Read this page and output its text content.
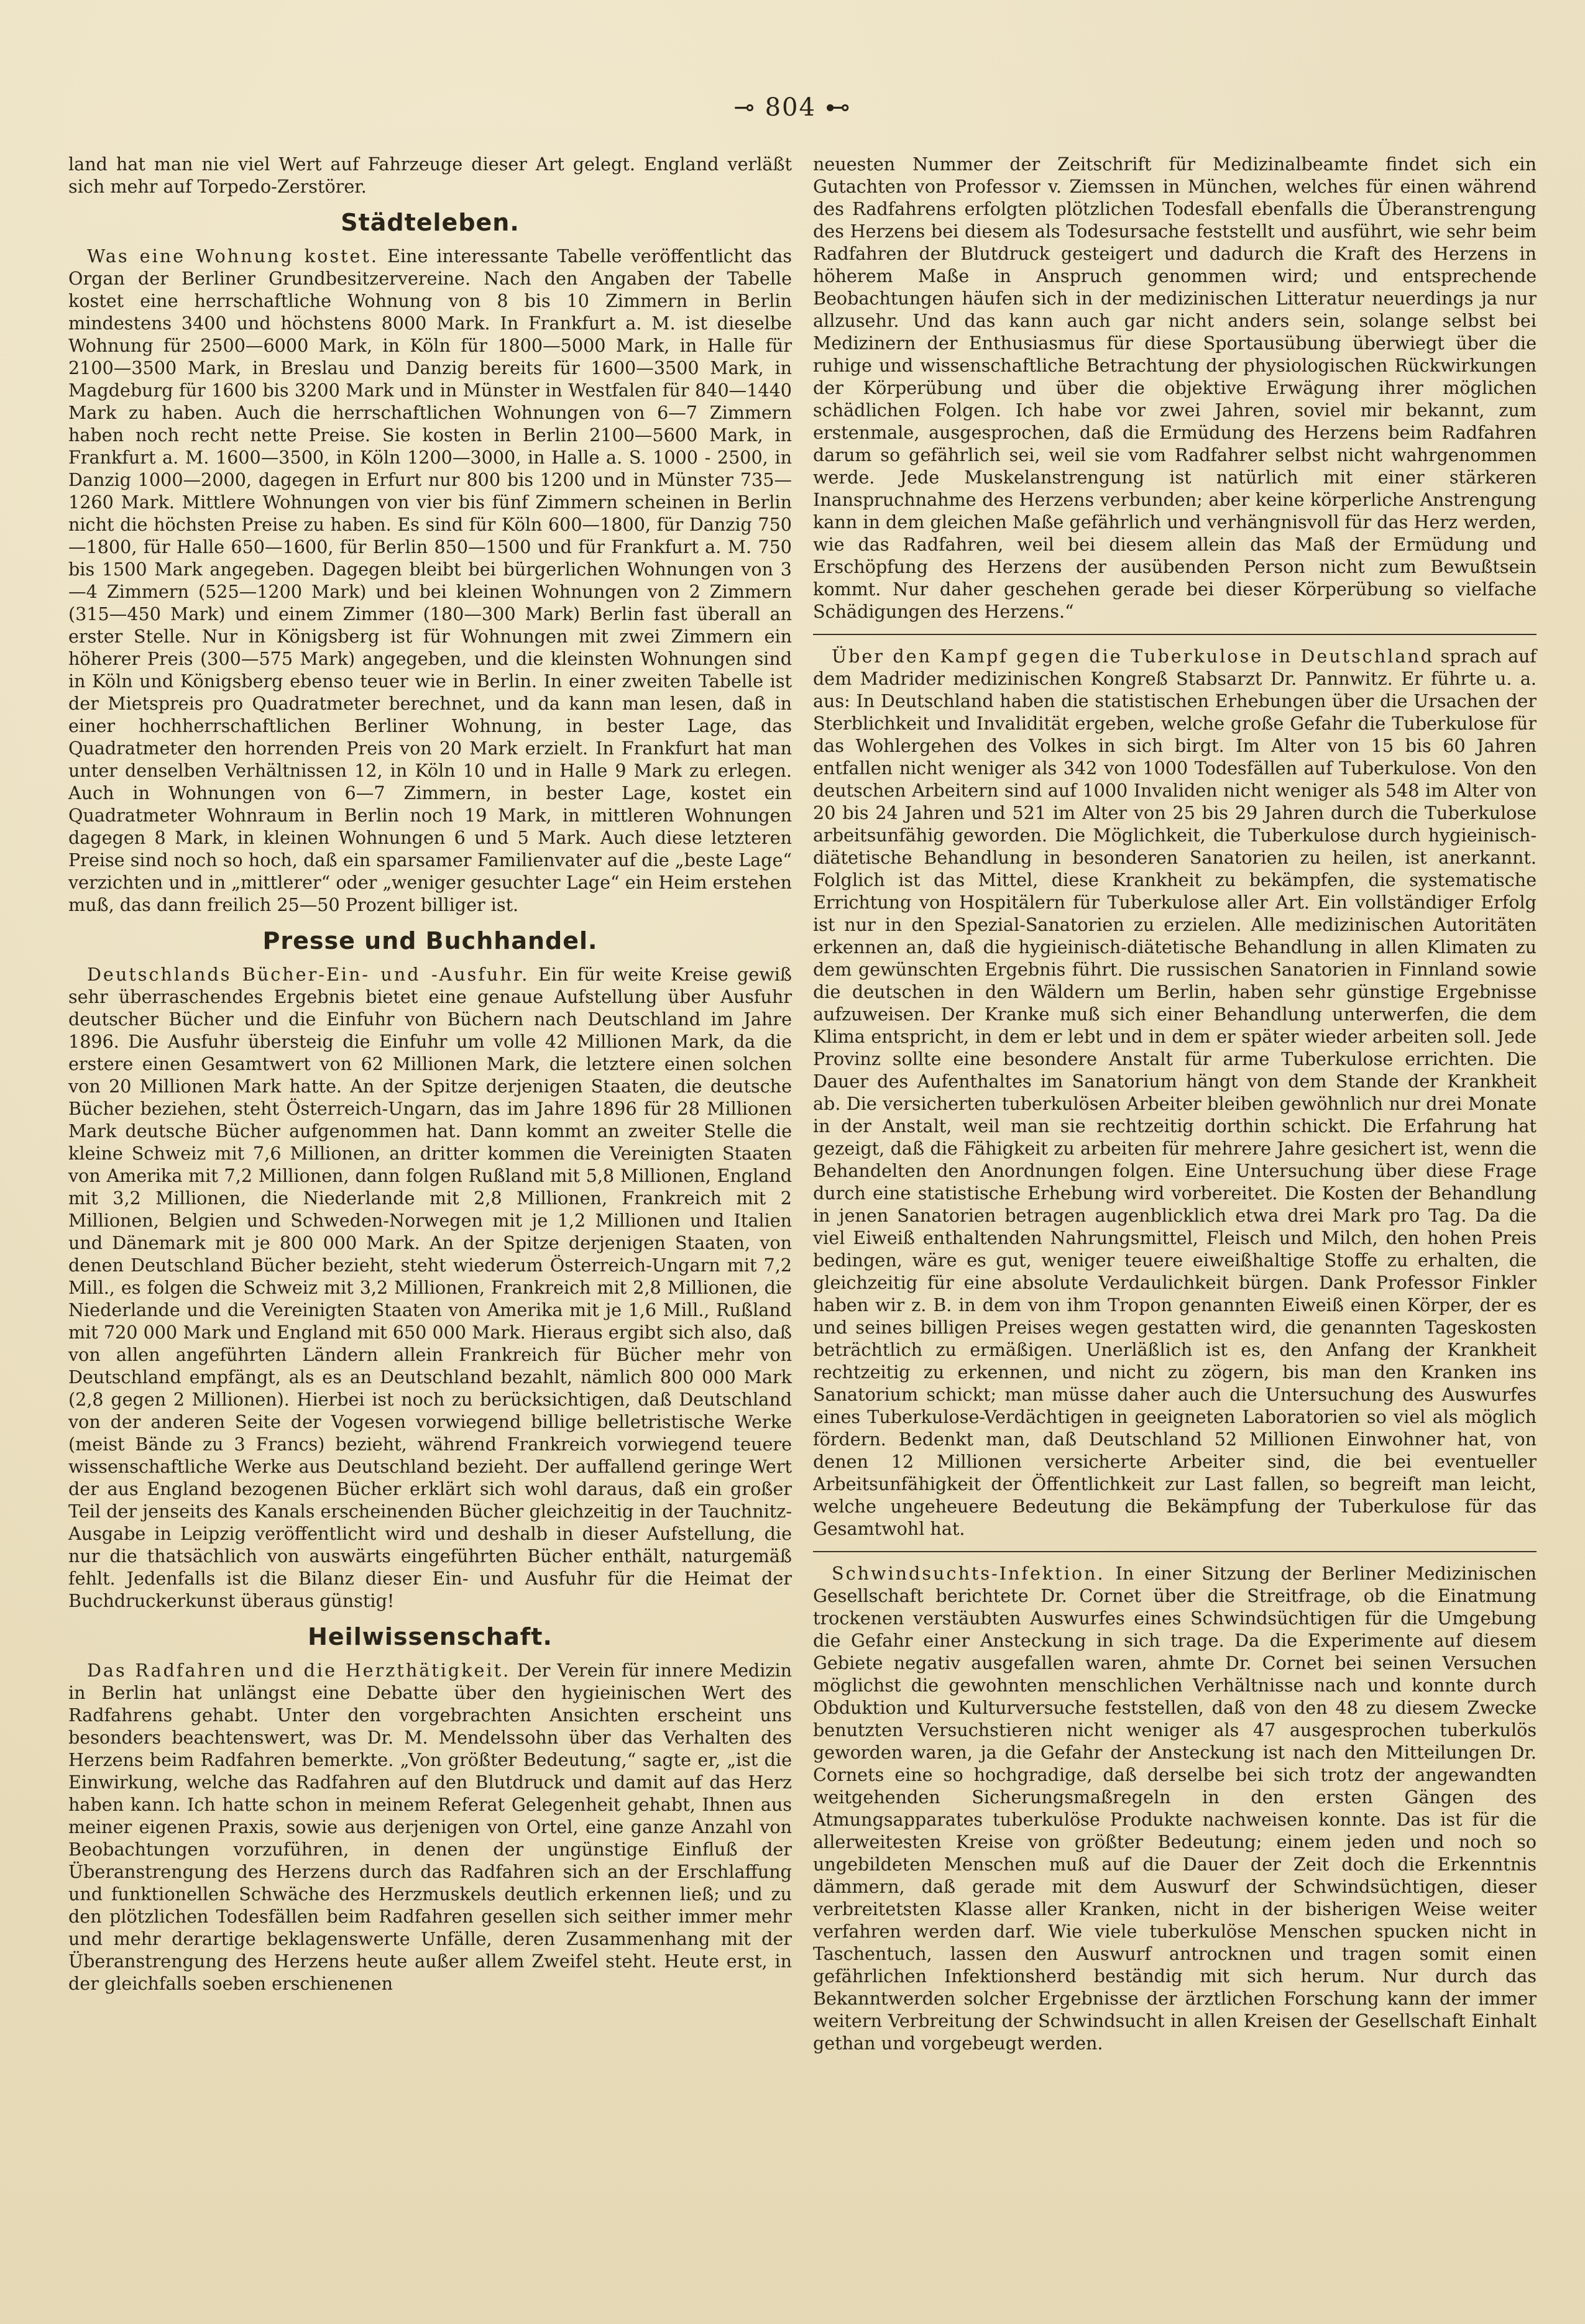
⊸ 804 ⊷

land hat man nie viel Wert auf Fahrzeuge dieser Art gelegt. England verläßt sich mehr auf Torpedo-Zerstörer.

Städteleben.

Was eine Wohnung kostet. Eine interessante Tabelle veröffentlicht das Organ der Berliner Grundbesitzervereine. Nach den Angaben der Tabelle kostet eine herrschaftliche Wohnung von 8 bis 10 Zimmern in Berlin mindestens 3400 und höchstens 8000 Mark. In Frankfurt a. M. ist dieselbe Wohnung für 2500—6000 Mark, in Köln für 1800—5000 Mark, in Halle für 2100—3500 Mark, in Breslau und Danzig bereits für 1600—3500 Mark, in Magdeburg für 1600 bis 3200 Mark und in Münster in Westfalen für 840—1440 Mark zu haben. Auch die herrschaftlichen Wohnungen von 6—7 Zimmern haben noch recht nette Preise. Sie kosten in Berlin 2100—5600 Mark, in Frankfurt a. M. 1600—3500, in Köln 1200—3000, in Halle a. S. 1000 - 2500, in Danzig 1000—2000, dagegen in Erfurt nur 800 bis 1200 und in Münster 735—1260 Mark. Mittlere Wohnungen von vier bis fünf Zimmern scheinen in Berlin nicht die höchsten Preise zu haben. Es sind für Köln 600—1800, für Danzig 750—1800, für Halle 650—1600, für Berlin 850—1500 und für Frankfurt a. M. 750 bis 1500 Mark angegeben. Dagegen bleibt bei bürgerlichen Wohnungen von 3—4 Zimmern (525—1200 Mark) und bei kleinen Wohnungen von 2 Zimmern (315—450 Mark) und einem Zimmer (180—300 Mark) Berlin fast überall an erster Stelle. Nur in Königsberg ist für Wohnungen mit zwei Zimmern ein höherer Preis (300—575 Mark) angegeben, und die kleinsten Wohnungen sind in Köln und Königsberg ebenso teuer wie in Berlin. In einer zweiten Tabelle ist der Mietspreis pro Quadratmeter berechnet, und da kann man lesen, daß in einer hochherrschaftlichen Berliner Wohnung, in bester Lage, das Quadratmeter den horrenden Preis von 20 Mark erzielt. In Frankfurt hat man unter denselben Verhältnissen 12, in Köln 10 und in Halle 9 Mark zu erlegen. Auch in Wohnungen von 6—7 Zimmern, in bester Lage, kostet ein Quadratmeter Wohnraum in Berlin noch 19 Mark, in mittleren Wohnungen dagegen 8 Mark, in kleinen Wohnungen 6 und 5 Mark. Auch diese letzteren Preise sind noch so hoch, daß ein sparsamer Familienvater auf die „beste Lage“ verzichten und in „mittlerer“ oder „weniger gesuchter Lage“ ein Heim erstehen muß, das dann freilich 25—50 Prozent billiger ist.

Presse und Buchhandel.

Deutschlands Bücher-Ein- und -Ausfuhr. Ein für weite Kreise gewiß sehr überraschendes Ergebnis bietet eine genaue Aufstellung über Ausfuhr deutscher Bücher und die Einfuhr von Büchern nach Deutschland im Jahre 1896. Die Ausfuhr übersteig die Einfuhr um volle 42 Millionen Mark, da die erstere einen Gesamtwert von 62 Millionen Mark, die letztere einen solchen von 20 Millionen Mark hatte. An der Spitze derjenigen Staaten, die deutsche Bücher beziehen, steht Österreich-Ungarn, das im Jahre 1896 für 28 Millionen Mark deutsche Bücher aufgenommen hat. Dann kommt an zweiter Stelle die kleine Schweiz mit 7,6 Millionen, an dritter kommen die Vereinigten Staaten von Amerika mit 7,2 Millionen, dann folgen Rußland mit 5,8 Millionen, England mit 3,2 Millionen, die Niederlande mit 2,8 Millionen, Frankreich mit 2 Millionen, Belgien und Schweden-Norwegen mit je 1,2 Millionen und Italien und Dänemark mit je 800 000 Mark. An der Spitze derjenigen Staaten, von denen Deutschland Bücher bezieht, steht wiederum Österreich-Ungarn mit 7,2 Mill., es folgen die Schweiz mit 3,2 Millionen, Frankreich mit 2,8 Millionen, die Niederlande und die Vereinigten Staaten von Amerika mit je 1,6 Mill., Rußland mit 720 000 Mark und England mit 650 000 Mark. Hieraus ergibt sich also, daß von allen angeführten Ländern allein Frankreich für Bücher mehr von Deutschland empfängt, als es an Deutschland bezahlt, nämlich 800 000 Mark (2,8 gegen 2 Millionen). Hierbei ist noch zu berücksichtigen, daß Deutschland von der anderen Seite der Vogesen vorwiegend billige belletristische Werke (meist Bände zu 3 Francs) bezieht, während Frankreich vorwiegend teuere wissenschaftliche Werke aus Deutschland bezieht. Der auffallend geringe Wert der aus England bezogenen Bücher erklärt sich wohl daraus, daß ein großer Teil der jenseits des Kanals erscheinenden Bücher gleichzeitig in der Tauchnitz-Ausgabe in Leipzig veröffentlicht wird und deshalb in dieser Aufstellung, die nur die thatsächlich von auswärts eingeführten Bücher enthält, naturgemäß fehlt. Jedenfalls ist die Bilanz dieser Ein- und Ausfuhr für die Heimat der Buchdruckerkunst überaus günstig!

Heilwissenschaft.

Das Radfahren und die Herzthätigkeit. Der Verein für innere Medizin in Berlin hat unlängst eine Debatte über den hygieinischen Wert des Radfahrens gehabt. Unter den vorgebrachten Ansichten erscheint uns besonders beachtenswert, was Dr. M. Mendelssohn über das Verhalten des Herzens beim Radfahren bemerkte. „Von größter Bedeutung,“ sagte er, „ist die Einwirkung, welche das Radfahren auf den Blutdruck und damit auf das Herz haben kann. Ich hatte schon in meinem Referat Gelegenheit gehabt, Ihnen aus meiner eigenen Praxis, sowie aus derjenigen von Ortel, eine ganze Anzahl von Beobachtungen vorzuführen, in denen der ungünstige Einfluß der Überanstrengung des Herzens durch das Radfahren sich an der Erschlaffung und funktionellen Schwäche des Herzmuskels deutlich erkennen ließ; und zu den plötzlichen Todesfällen beim Radfahren gesellen sich seither immer mehr und mehr derartige beklagenswerte Unfälle, deren Zusammenhang mit der Überanstrengung des Herzens heute außer allem Zweifel steht. Heute erst, in der gleichfalls soeben erschienenen

neuesten Nummer der Zeitschrift für Medizinalbeamte findet sich ein Gutachten von Professor v. Ziemssen in München, welches für einen während des Radfahrens erfolgten plötzlichen Todesfall ebenfalls die Überanstrengung des Herzens bei diesem als Todesursache feststellt und ausführt, wie sehr beim Radfahren der Blutdruck gesteigert und dadurch die Kraft des Herzens in höherem Maße in Anspruch genommen wird; und entsprechende Beobachtungen häufen sich in der medizinischen Litteratur neuerdings ja nur allzusehr. Und das kann auch gar nicht anders sein, solange selbst bei Medizinern der Enthusiasmus für diese Sportausübung überwiegt über die ruhige und wissenschaftliche Betrachtung der physiologischen Rückwirkungen der Körperübung und über die objektive Erwägung ihrer möglichen schädlichen Folgen. Ich habe vor zwei Jahren, soviel mir bekannt, zum erstenmale, ausgesprochen, daß die Ermüdung des Herzens beim Radfahren darum so gefährlich sei, weil sie vom Radfahrer selbst nicht wahrgenommen werde. Jede Muskelanstrengung ist natürlich mit einer stärkeren Inanspruchnahme des Herzens verbunden; aber keine körperliche Anstrengung kann in dem gleichen Maße gefährlich und verhängnisvoll für das Herz werden, wie das Radfahren, weil bei diesem allein das Maß der Ermüdung und Erschöpfung des Herzens der ausübenden Person nicht zum Bewußtsein kommt. Nur daher geschehen gerade bei dieser Körperübung so vielfache Schädigungen des Herzens.“

Über den Kampf gegen die Tuberkulose in Deutschland sprach auf dem Madrider medizinischen Kongreß Stabsarzt Dr. Pannwitz. Er führte u. a. aus: In Deutschland haben die statistischen Erhebungen über die Ursachen der Sterblichkeit und Invalidität ergeben, welche große Gefahr die Tuberkulose für das Wohlergehen des Volkes in sich birgt. Im Alter von 15 bis 60 Jahren entfallen nicht weniger als 342 von 1000 Todesfällen auf Tuberkulose. Von den deutschen Arbeitern sind auf 1000 Invaliden nicht weniger als 548 im Alter von 20 bis 24 Jahren und 521 im Alter von 25 bis 29 Jahren durch die Tuberkulose arbeitsunfähig geworden. Die Möglichkeit, die Tuberkulose durch hygieinisch-diätetische Behandlung in besonderen Sanatorien zu heilen, ist anerkannt. Folglich ist das Mittel, diese Krankheit zu bekämpfen, die systematische Errichtung von Hospitälern für Tuberkulose aller Art. Ein vollständiger Erfolg ist nur in den Spezial-Sanatorien zu erzielen. Alle medizinischen Autoritäten erkennen an, daß die hygieinisch-diätetische Behandlung in allen Klimaten zu dem gewünschten Ergebnis führt. Die russischen Sanatorien in Finnland sowie die deutschen in den Wäldern um Berlin, haben sehr günstige Ergebnisse aufzuweisen. Der Kranke muß sich einer Behandlung unterwerfen, die dem Klima entspricht, in dem er lebt und in dem er später wieder arbeiten soll. Jede Provinz sollte eine besondere Anstalt für arme Tuberkulose errichten. Die Dauer des Aufenthaltes im Sanatorium hängt von dem Stande der Krankheit ab. Die versicherten tuberkulösen Arbeiter bleiben gewöhnlich nur drei Monate in der Anstalt, weil man sie rechtzeitig dorthin schickt. Die Erfahrung hat gezeigt, daß die Fähigkeit zu arbeiten für mehrere Jahre gesichert ist, wenn die Behandelten den Anordnungen folgen. Eine Untersuchung über diese Frage durch eine statistische Erhebung wird vorbereitet. Die Kosten der Behandlung in jenen Sanatorien betragen augenblicklich etwa drei Mark pro Tag. Da die viel Eiweiß enthaltenden Nahrungsmittel, Fleisch und Milch, den hohen Preis bedingen, wäre es gut, weniger teuere eiweißhaltige Stoffe zu erhalten, die gleichzeitig für eine absolute Verdaulichkeit bürgen. Dank Professor Finkler haben wir z. B. in dem von ihm Tropon genannten Eiweiß einen Körper, der es und seines billigen Preises wegen gestatten wird, die genannten Tageskosten beträchtlich zu ermäßigen. Unerläßlich ist es, den Anfang der Krankheit rechtzeitig zu erkennen, und nicht zu zögern, bis man den Kranken ins Sanatorium schickt; man müsse daher auch die Untersuchung des Auswurfes eines Tuberkulose-Verdächtigen in geeigneten Laboratorien so viel als möglich fördern. Bedenkt man, daß Deutschland 52 Millionen Einwohner hat, von denen 12 Millionen versicherte Arbeiter sind, die bei eventueller Arbeitsunfähigkeit der Öffentlichkeit zur Last fallen, so begreift man leicht, welche ungeheuere Bedeutung die Bekämpfung der Tuberkulose für das Gesamtwohl hat.

Schwindsuchts-Infektion. In einer Sitzung der Berliner Medizinischen Gesellschaft berichtete Dr. Cornet über die Streitfrage, ob die Einatmung trockenen verstäubten Auswurfes eines Schwindsüchtigen für die Umgebung die Gefahr einer Ansteckung in sich trage. Da die Experimente auf diesem Gebiete negativ ausgefallen waren, ahmte Dr. Cornet bei seinen Versuchen möglichst die gewohnten menschlichen Verhältnisse nach und konnte durch Obduktion und Kulturversuche feststellen, daß von den 48 zu diesem Zwecke benutzten Versuchstieren nicht weniger als 47 ausgesprochen tuberkulös geworden waren, ja die Gefahr der Ansteckung ist nach den Mitteilungen Dr. Cornets eine so hochgradige, daß derselbe bei sich trotz der angewandten weitgehenden Sicherungsmaßregeln in den ersten Gängen des Atmungsapparates tuberkulöse Produkte nachweisen konnte. Das ist für die allerweitesten Kreise von größter Bedeutung; einem jeden und noch so ungebildeten Menschen muß auf die Dauer der Zeit doch die Erkenntnis dämmern, daß gerade mit dem Auswurf der Schwindsüchtigen, dieser verbreitetsten Klasse aller Kranken, nicht in der bisherigen Weise weiter verfahren werden darf. Wie viele tuberkulöse Menschen spucken nicht in Taschentuch, lassen den Auswurf antrocknen und tragen somit einen gefährlichen Infektionsherd beständig mit sich herum. Nur durch das Bekanntwerden solcher Ergebnisse der ärztlichen Forschung kann der immer weitern Verbreitung der Schwindsucht in allen Kreisen der Gesellschaft Einhalt gethan und vorgebeugt werden.
